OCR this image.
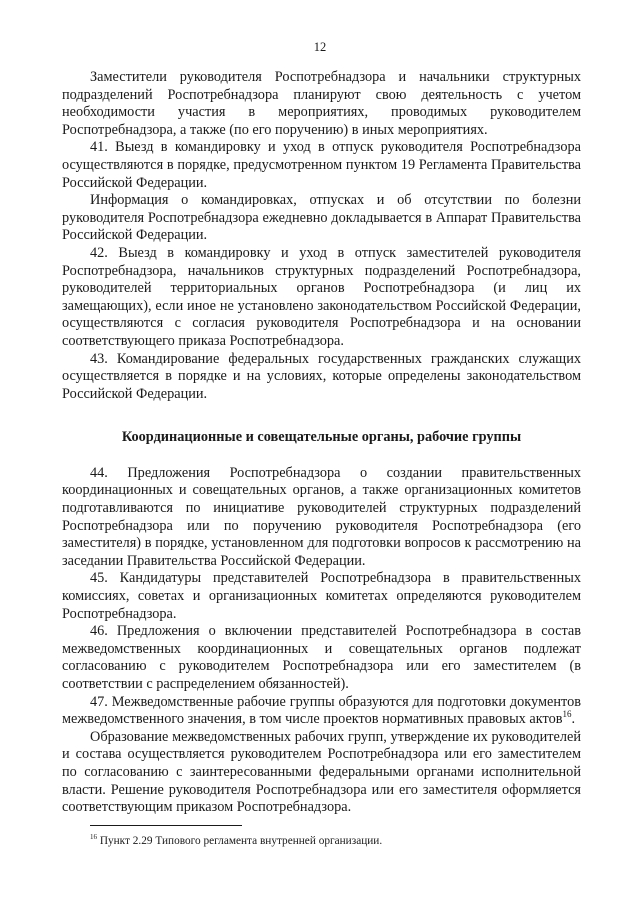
12

Заместители руководителя Роспотребнадзора и начальники структурных подразделений Роспотребнадзора планируют свою деятельность с учетом необходимости участия в мероприятиях, проводимых руководителем Роспотребнадзора, а также (по его поручению) в иных мероприятиях.

41. Выезд в командировку и уход в отпуск руководителя Роспотребнадзора осуществляются в порядке, предусмотренном пунктом 19 Регламента Правительства Российской Федерации.

Информация о командировках, отпусках и об отсутствии по болезни руководителя Роспотребнадзора ежедневно докладывается в Аппарат Правительства Российской Федерации.

42. Выезд в командировку и уход в отпуск заместителей руководителя Роспотребнадзора, начальников структурных подразделений Роспотребнадзора, руководителей территориальных органов Роспотребнадзора (и лиц их замещающих), если иное не установлено законодательством Российской Федерации, осуществляются с согласия руководителя Роспотребнадзора и на основании соответствующего приказа Роспотребнадзора.

43. Командирование федеральных государственных гражданских служащих осуществляется в порядке и на условиях, которые определены законодательством Российской Федерации.

Координационные и совещательные органы, рабочие группы

44. Предложения Роспотребнадзора о создании правительственных координационных и совещательных органов, а также организационных комитетов подготавливаются по инициативе руководителей структурных подразделений Роспотребнадзора или по поручению руководителя Роспотребнадзора (его заместителя) в порядке, установленном для подготовки вопросов к рассмотрению на заседании Правительства Российской Федерации.

45. Кандидатуры представителей Роспотребнадзора в правительственных комиссиях, советах и организационных комитетах определяются руководителем Роспотребнадзора.

46. Предложения о включении представителей Роспотребнадзора в состав межведомственных координационных и совещательных органов подлежат согласованию с руководителем Роспотребнадзора или его заместителем (в соответствии с распределением обязанностей).

47. Межведомственные рабочие группы образуются для подготовки документов межведомственного значения, в том числе проектов нормативных правовых актов$^{16}$.

Образование межведомственных рабочих групп, утверждение их руководителей и состава осуществляется руководителем Роспотребнадзора или его заместителем по согласованию с заинтересованными федеральными органами исполнительной власти. Решение руководителя Роспотребнадзора или его заместителя оформляется соответствующим приказом Роспотребнадзора.

$^{16}$ Пункт 2.29 Типового регламента внутренней организации.
